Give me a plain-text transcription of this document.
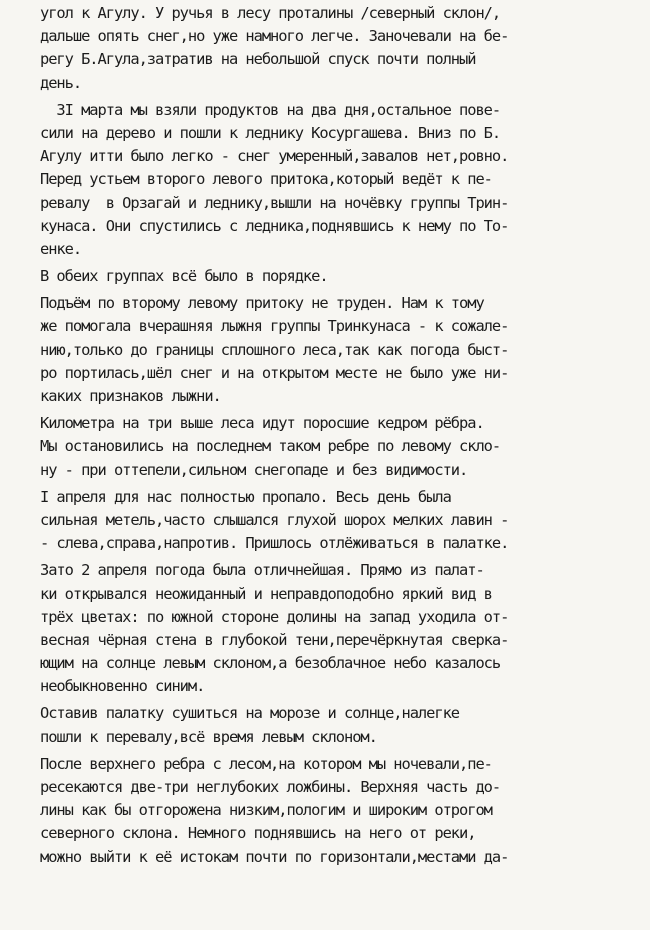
угол к Агулу. У ручья в лесу проталины /северный склон/,
дальше опять снег,но уже намного легче. Заночевали на бе-
регу Б.Агула,затратив на небольшой спуск почти полный
день.
3I марта мы взяли продуктов на два дня,остальное пове-
сили на дерево и пошли к леднику Косургашева. Вниз по Б.
Агулу итти было легко - снег умеренный,завалов нет,ровно.
Перед устьем второго левого притока,который ведёт к пе-
ревалу  в Орзагай и леднику,вышли на ночёвку группы Трин-
кунаса. Они спустились с ледника,поднявшись к нему по То-
енке.
В обеих группах всё было в порядке.
Подъём по второму левому притоку не труден. Нам к тому
же помогала вчерашняя лыжня группы Тринкунаса - к сожале-
нию,только до границы сплошного леса,так как погода быст-
ро портилась,шёл снег и на открытом месте не было уже ни-
каких признаков лыжни.
Километра на три выше леса идут поросшие кедром рёбра.
Мы остановились на последнем таком ребре по левому скло-
ну - при оттепели,сильном снегопаде и без видимости.
I апреля для нас полностью пропало. Весь день была
сильная метель,часто слышался глухой шорох мелких лавин -
- слева,справа,напротив. Пришлось отлёживаться в палатке.
Зато 2 апреля погода была отличнейшая. Прямо из палат-
ки открывался неожиданный и неправдоподобно яркий вид в
трёх цветах: по южной стороне долины на запад уходила от-
весная чёрная стена в глубокой тени,перечёркнутая сверка-
ющим на солнце левым склоном,а безоблачное небо казалось
необыкновенно синим.
Оставив палатку сушиться на морозе и солнце,налегке
пошли к перевалу,всё время левым склоном.
После верхнего ребра с лесом,на котором мы ночевали,пе-
ресекаются две-три неглубоких ложбины. Верхняя часть до-
лины как бы отгорожена низким,пологим и широким отрогом
северного склона. Немного поднявшись на него от реки,
можно выйти к её истокам почти по горизонтали,местами да-
